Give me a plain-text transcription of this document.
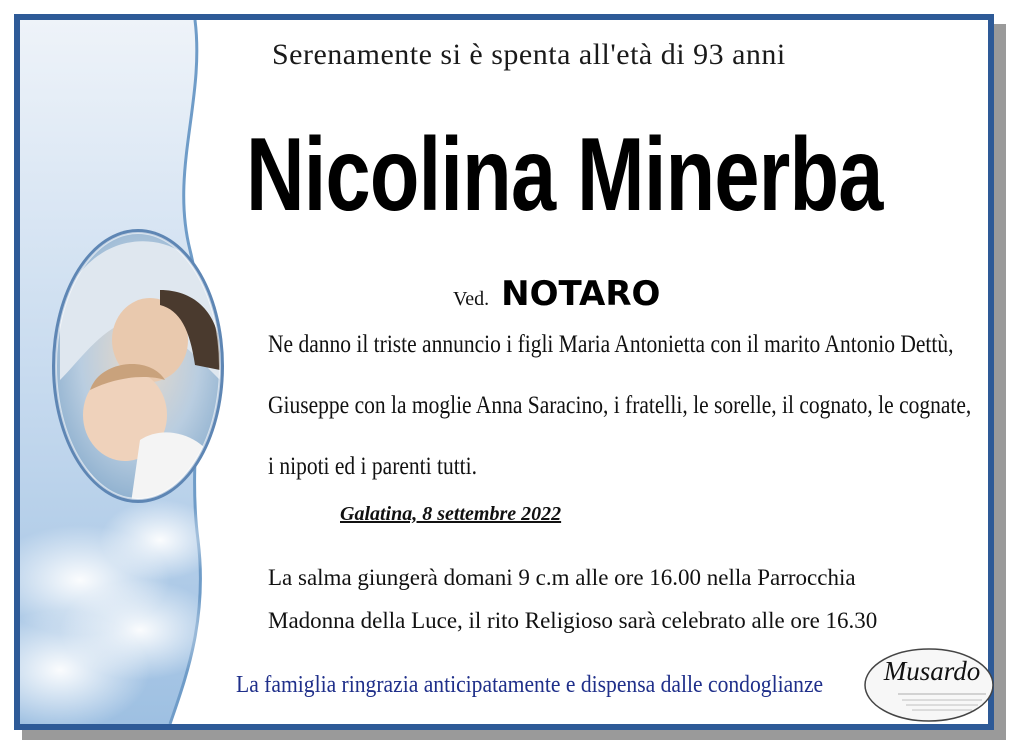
Serenamente si è spenta all'età di 93 anni
Nicolina Minerba
Ved. NOTARO
Ne danno il triste annuncio i figli Maria Antonietta con il marito Antonio Dettù,
Giuseppe con la moglie Anna Saracino, i fratelli, le sorelle, il cognato, le cognate,
i nipoti ed i parenti tutti.
Galatina, 8 settembre 2022
La salma giungerà domani 9 c.m alle ore 16.00 nella Parrocchia
Madonna della Luce, il rito Religioso sarà celebrato alle ore 16.30
La famiglia ringrazia anticipatamente e dispensa dalle condoglianze	Musardo
